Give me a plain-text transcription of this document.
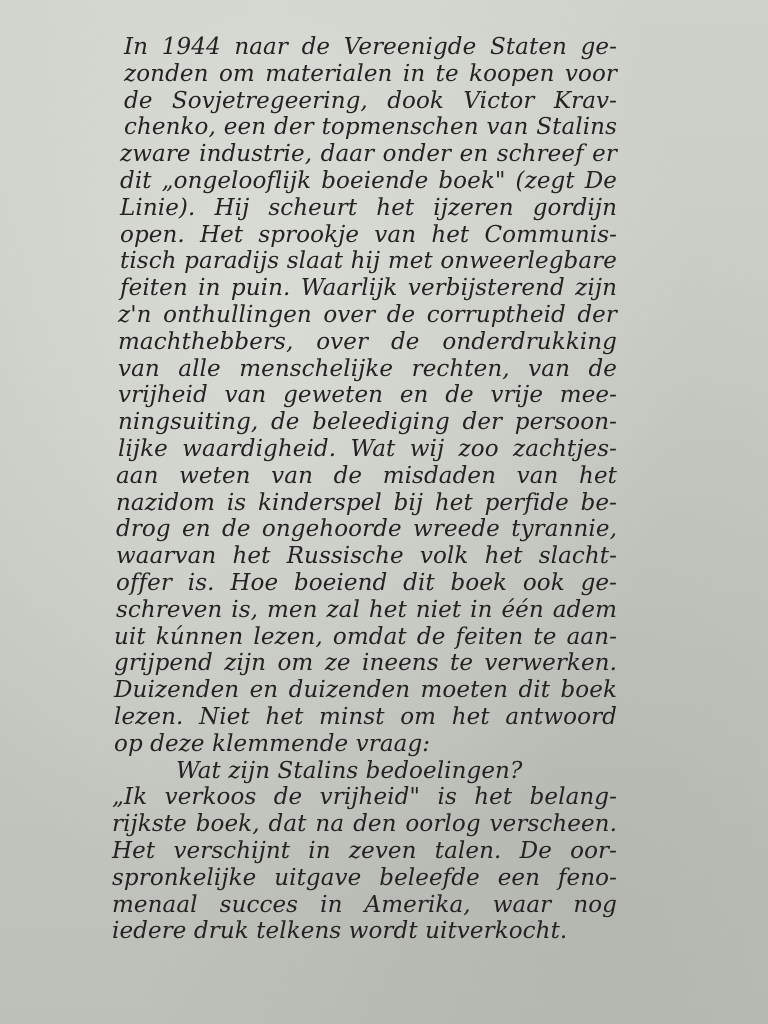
In 1944 naar de Vereenigde Staten ge-
zonden om materialen in te koopen voor
de Sovjetregeering, dook Victor Krav-
chenko, een der topmenschen van Stalins
zware industrie, daar onder en schreef er
dit „ongelooflijk boeiende boek" (zegt De
Linie). Hij scheurt het ijzeren gordijn
open. Het sprookje van het Communis-
tisch paradijs slaat hij met onweerlegbare
feiten in puin. Waarlijk verbijsterend zijn
z'n onthullingen over de corruptheid der
machthebbers, over de onderdrukking
van alle menschelijke rechten, van de
vrijheid van geweten en de vrije mee-
ningsuiting, de beleediging der persoon-
lijke waardigheid. Wat wij zoo zachtjes-
aan weten van de misdaden van het
nazidom is kinderspel bij het perfide be-
drog en de ongehoorde wreede tyrannie,
waarvan het Russische volk het slacht-
offer is. Hoe boeiend dit boek ook ge-
schreven is, men zal het niet in één adem
uit kúnnen lezen, omdat de feiten te aan-
grijpend zijn om ze ineens te verwerken.
Duizenden en duizenden moeten dit boek
lezen. Niet het minst om het antwoord
op deze klemmende vraag:
Wat zijn Stalins bedoelingen?
„Ik verkoos de vrijheid" is het belang-
rijkste boek, dat na den oorlog verscheen.
Het verschijnt in zeven talen. De oor-
spronkelijke uitgave beleefde een feno-
menaal succes in Amerika, waar nog
iedere druk telkens wordt uitverkocht.
